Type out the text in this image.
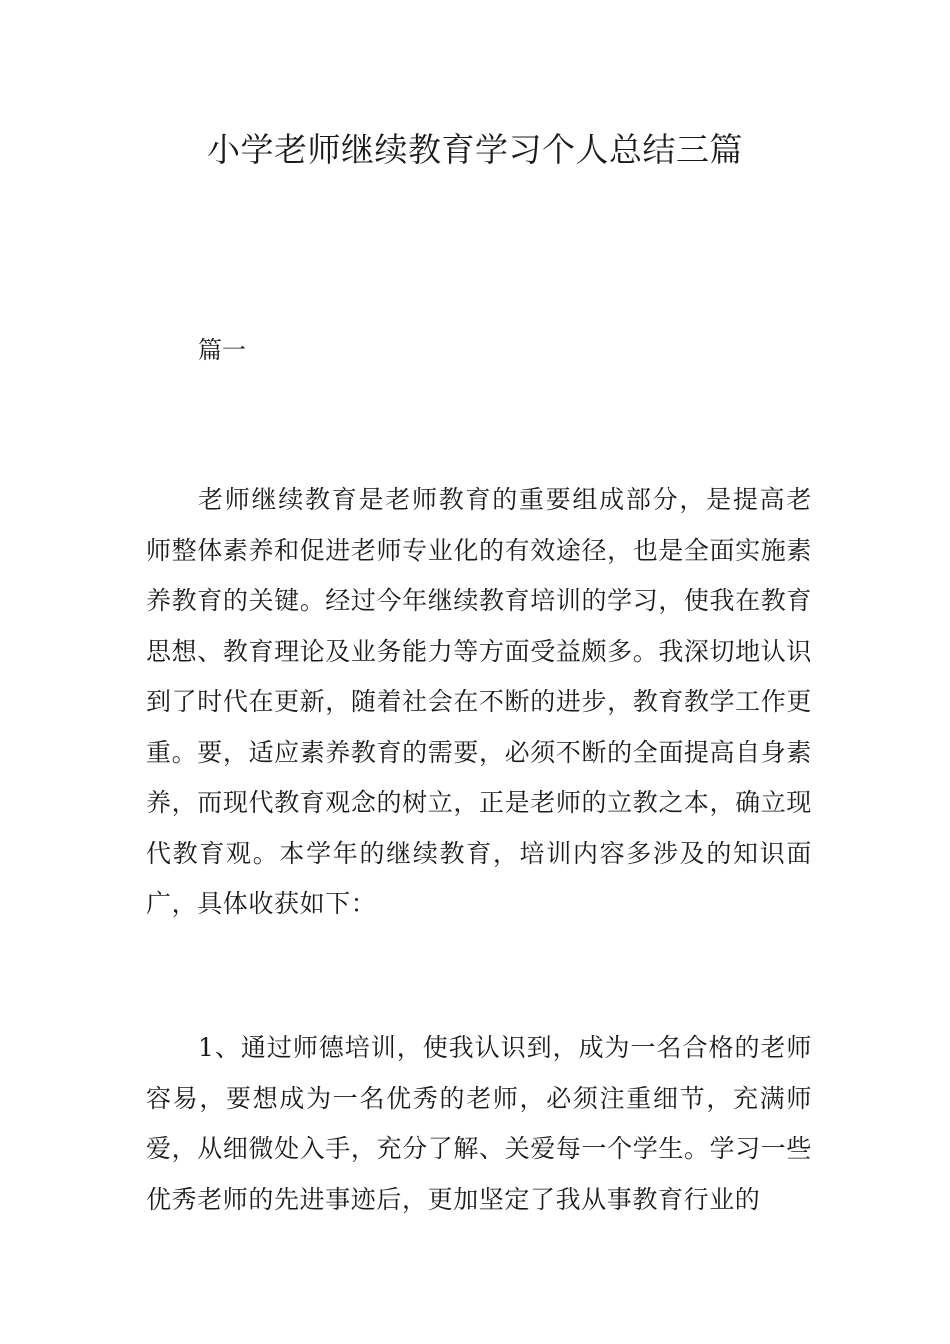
小学老师继续教育学习个人总结三篇
篇一

老师继续教育是老师教育的重要组成部分，是提高老师整体素养和促进老师专业化的有效途径，也是全面实施素养教育的关键。经过今年继续教育培训的学习，使我在教育思想、教育理论及业务能力等方面受益颇多。我深切地认识到了时代在更新，随着社会在不断的进步，教育教学工作更重。要，适应素养教育的需要，必须不断的全面提高自身素养，而现代教育观念的树立，正是老师的立教之本，确立现代教育观。本学年的继续教育，培训内容多涉及的知识面广，具体收获如下：

1、通过师德培训，使我认识到，成为一名合格的老师容易，要想成为一名优秀的老师，必须注重细节，充满师爱，从细微处入手，充分了解、关爱每一个学生。学习一些优秀老师的先进事迹后，更加坚定了我从事教育行业的
